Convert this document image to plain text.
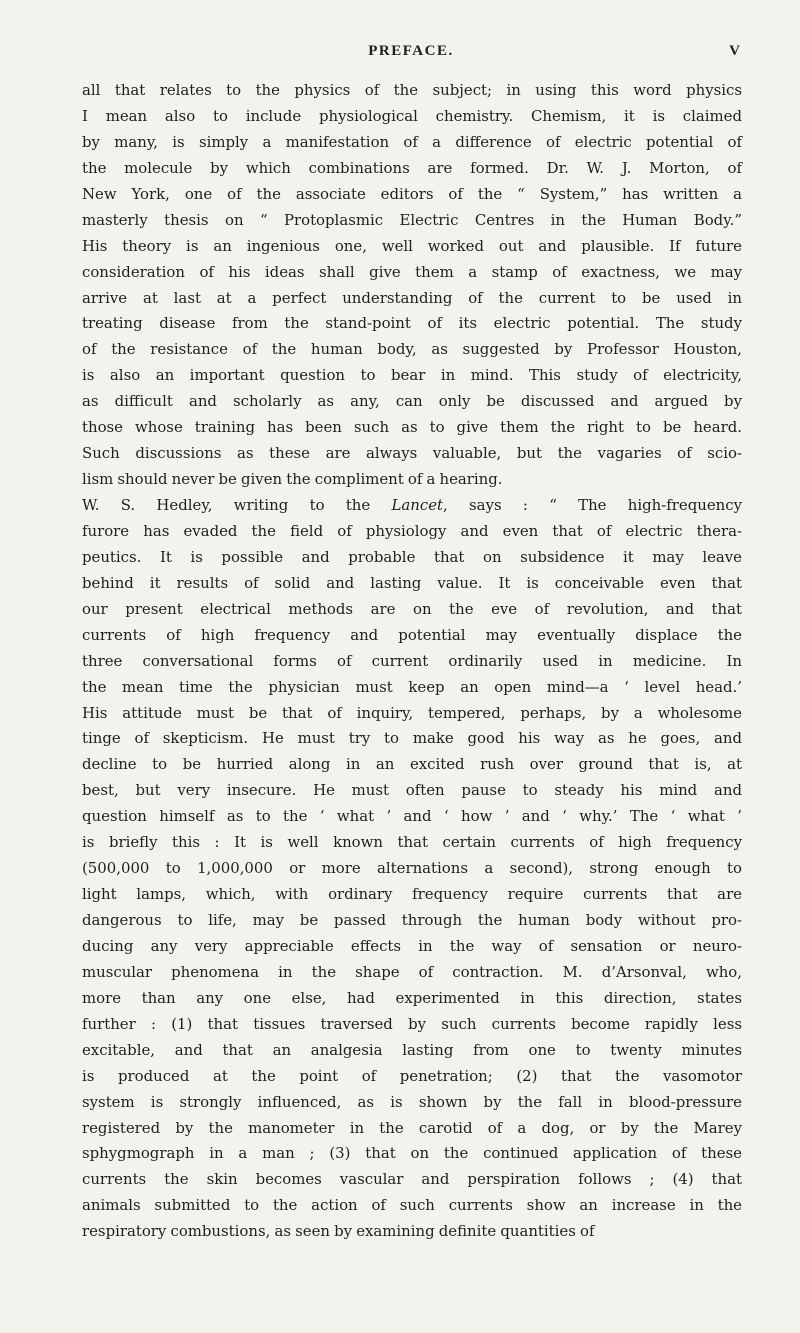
PREFACE.	V
all that relates to the physics of the subject; in using this word physics
I mean also to include physiological chemistry. Chemism, it is claimed
by many, is simply a manifestation of a difference of electric potential of
the molecule by which combinations are formed. Dr. W. J. Morton, of
New York, one of the associate editors of the “ System,” has written a
masterly thesis on “ Protoplasmic Electric Centres in the Human Body.”
His theory is an ingenious one, well worked out and plausible. If future
consideration of his ideas shall give them a stamp of exactness, we may
arrive at last at a perfect understanding of the current to be used in
treating disease from the stand-point of its electric potential. The study
of the resistance of the human body, as suggested by Professor Houston,
is also an important question to bear in mind. This study of electricity,
as difficult and scholarly as any, can only be discussed and argued by
those whose training has been such as to give them the right to be heard.
Such discussions as these are always valuable, but the vagaries of scio-
lism should never be given the compliment of a hearing.
W. S. Hedley, writing to the Lancet, says : “ The high-frequency
furore has evaded the field of physiology and even that of electric thera-
peutics. It is possible and probable that on subsidence it may leave
behind it results of solid and lasting value. It is conceivable even that
our present electrical methods are on the eve of revolution, and that
currents of high frequency and potential may eventually displace the
three conversational forms of current ordinarily used in medicine. In
the mean time the physician must keep an open mind—a ‘ level head.’
His attitude must be that of inquiry, tempered, perhaps, by a wholesome
tinge of skepticism. He must try to make good his way as he goes, and
decline to be hurried along in an excited rush over ground that is, at
best, but very insecure. He must often pause to steady his mind and
question himself as to the ‘ what ’ and ‘ how ’ and ‘ why.’ The ‘ what ’
is briefly this : It is well known that certain currents of high frequency
(500,000 to 1,000,000 or more alternations a second), strong enough to
light lamps, which, with ordinary frequency require currents that are
dangerous to life, may be passed through the human body without pro-
ducing any very appreciable effects in the way of sensation or neuro-
muscular phenomena in the shape of contraction. M. d’Arsonval, who,
more than any one else, had experimented in this direction, states
further : (1) that tissues traversed by such currents become rapidly less
excitable, and that an analgesia lasting from one to twenty minutes
is produced at the point of penetration; (2) that the vasomotor
system is strongly influenced, as is shown by the fall in blood-pressure
registered by the manometer in the carotid of a dog, or by the Marey
sphygmograph in a man ; (3) that on the continued application of these
currents the skin becomes vascular and perspiration follows ; (4) that
animals submitted to the action of such currents show an increase in the
respiratory combustions, as seen by examining definite quantities of
